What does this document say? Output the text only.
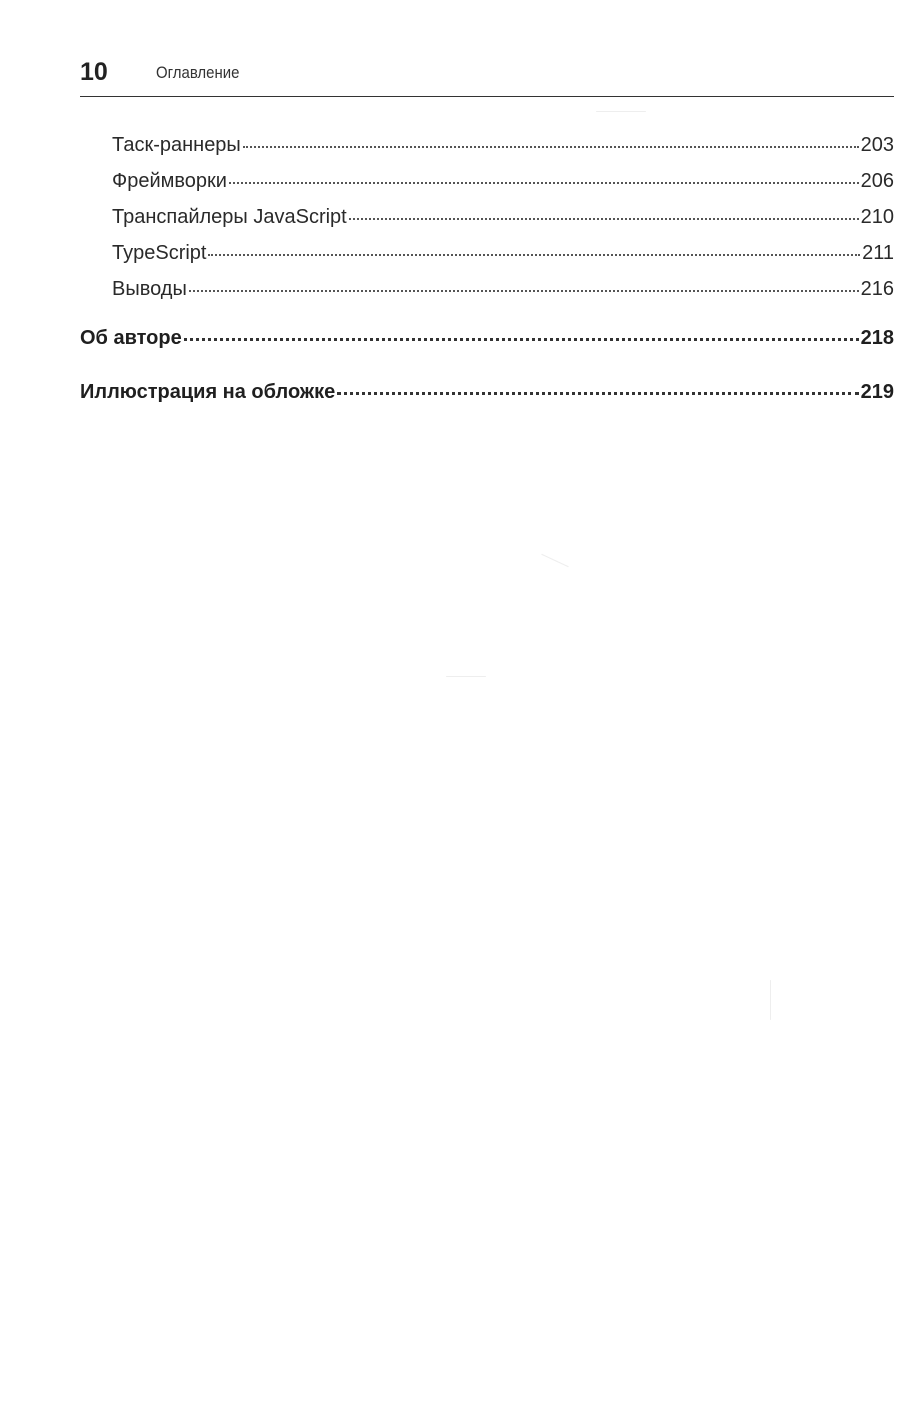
10	Оглавление
Таск-раннеры	203
Фреймворки	206
Транспайлеры JavaScript	210
TypeScript	211
Выводы	216
Об авторе	218
Иллюстрация на обложке	219
